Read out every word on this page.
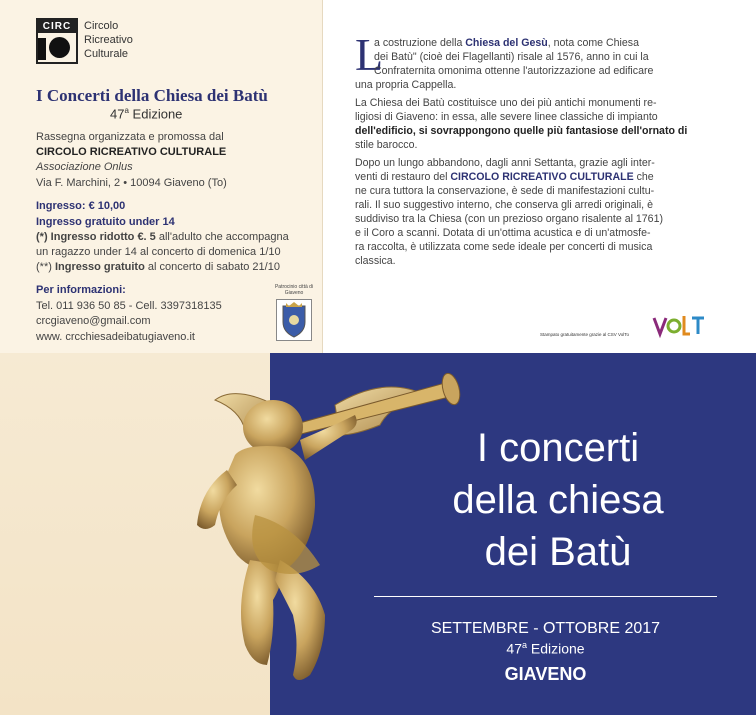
CIRC	Circolo
Ricreativo
Culturale
I Concerti della Chiesa dei Batù
47$^a$ Edizione
Rassegna organizzata e promossa dal
CIRCOLO RICREATIVO CULTURALE
Associazione Onlus
Via F. Marchini, 2 • 10094 Giaveno (To)
Ingresso: € 10,00
Ingresso gratuito under 14
(*) Ingresso ridotto €. 5 all'adulto che accompagna
un ragazzo under 14 al concerto di domenica 1/10
(**) Ingresso gratuito al concerto di sabato 21/10
Per informazioni:
Tel. 011 936 50 85 - Cell. 3397318135
crcgiaveno@gmail.com
www. crcchiesadeibatugiaveno.it
Patrocinio città di Giaveno
L
a costruzione della Chiesa del Gesù, nota come Chiesa
dei Batù" (cioè dei Flagellanti) risale al 1576, anno in cui la
Confraternita omonima ottenne l'autorizzazione ad edificare
una propria Cappella.
La Chiesa dei Batù costituisce uno dei più antichi monumenti re-
ligiosi di Giaveno: in essa, alle severe linee classiche di impianto
dell'edificio, si sovrappongono quelle più fantasiose dell'ornato di
stile barocco.
Dopo un lungo abbandono, dagli anni Settanta, grazie agli inter-
venti di restauro del CIRCOLO RICREATIVO CULTURALE che
ne cura tuttora la conservazione, è sede di manifestazioni cultu-
rali. Il suo suggestivo interno, che conserva gli arredi originali, è
suddiviso tra la Chiesa (con un prezioso organo risalente al 1761)
e il Coro a scanni. Dotata di un'ottima acustica e di un'atmosfe-
ra raccolta, è utilizzata come sede ideale per concerti di musica
classica.
Stampato gratuitamente grazie al CSV VolTo
I concerti
della chiesa
dei Batù
SETTEMBRE - OTTOBRE 2017
47$^a$ Edizione
GIAVENO
